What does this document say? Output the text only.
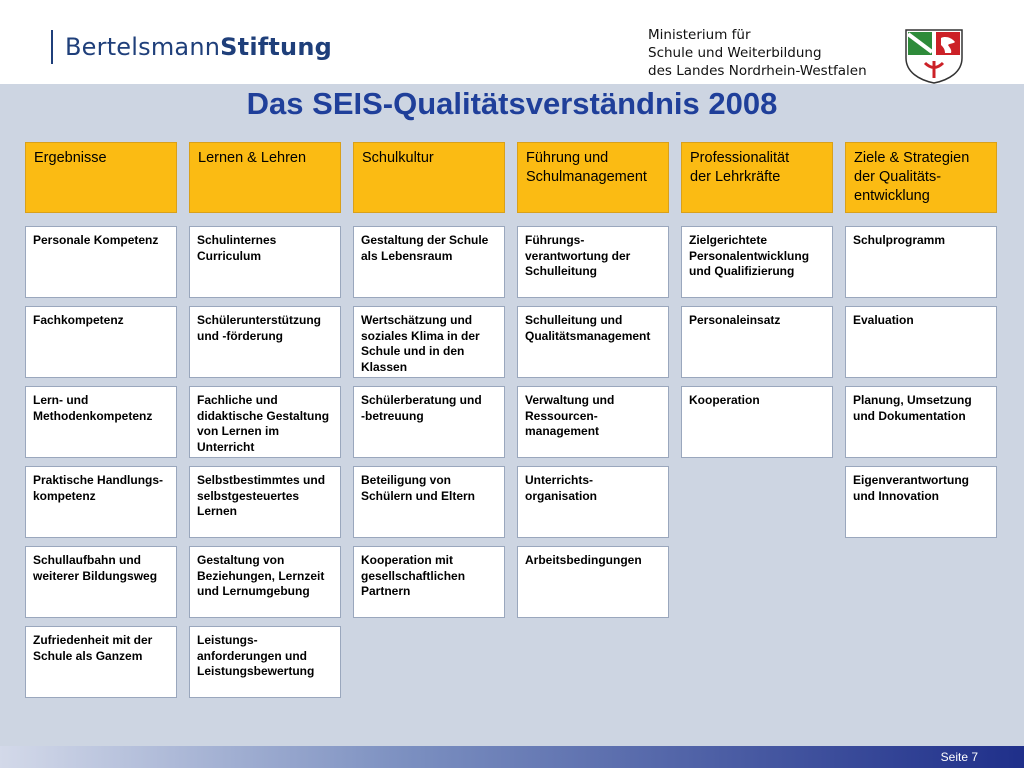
BertelsmannStiftung	Ministerium für
Schule und Weiterbildung
des Landes Nordrhein-Westfalen
Das SEIS-Qualitätsverständnis 2008
Ergebnisse
Personale Kompetenz
Fachkompetenz
Lern- und
Methodenkompetenz
Praktische Handlungs-
kompetenz
Schullaufbahn und
weiterer Bildungsweg
Zufriedenheit mit der
Schule als Ganzem
Lernen & Lehren
Schulinternes
Curriculum
Schülerunterstützung
und -förderung
Fachliche und
didaktische Gestaltung
von Lernen im
Unterricht
Selbstbestimmtes und
selbstgesteuertes
Lernen
Gestaltung von
Beziehungen, Lernzeit
und Lernumgebung
Leistungs-
anforderungen und
Leistungsbewertung
Schulkultur
Gestaltung der Schule
als Lebensraum
Wertschätzung und
soziales Klima in der
Schule und in den
Klassen
Schülerberatung und
-betreuung
Beteiligung von
Schülern und Eltern
Kooperation mit
gesellschaftlichen
Partnern
Führung und
Schulmanagement
Führungs-
verantwortung der
Schulleitung
Schulleitung und
Qualitätsmanagement
Verwaltung und
Ressourcen-
management
Unterrichts-
organisation
Arbeitsbedingungen
Professionalität
der Lehrkräfte
Zielgerichtete
Personalentwicklung
und Qualifizierung
Personaleinsatz
Kooperation
Ziele & Strategien
der Qualitäts-
entwicklung
Schulprogramm
Evaluation
Planung, Umsetzung
und Dokumentation
Eigenverantwortung
und Innovation
Seite 7
